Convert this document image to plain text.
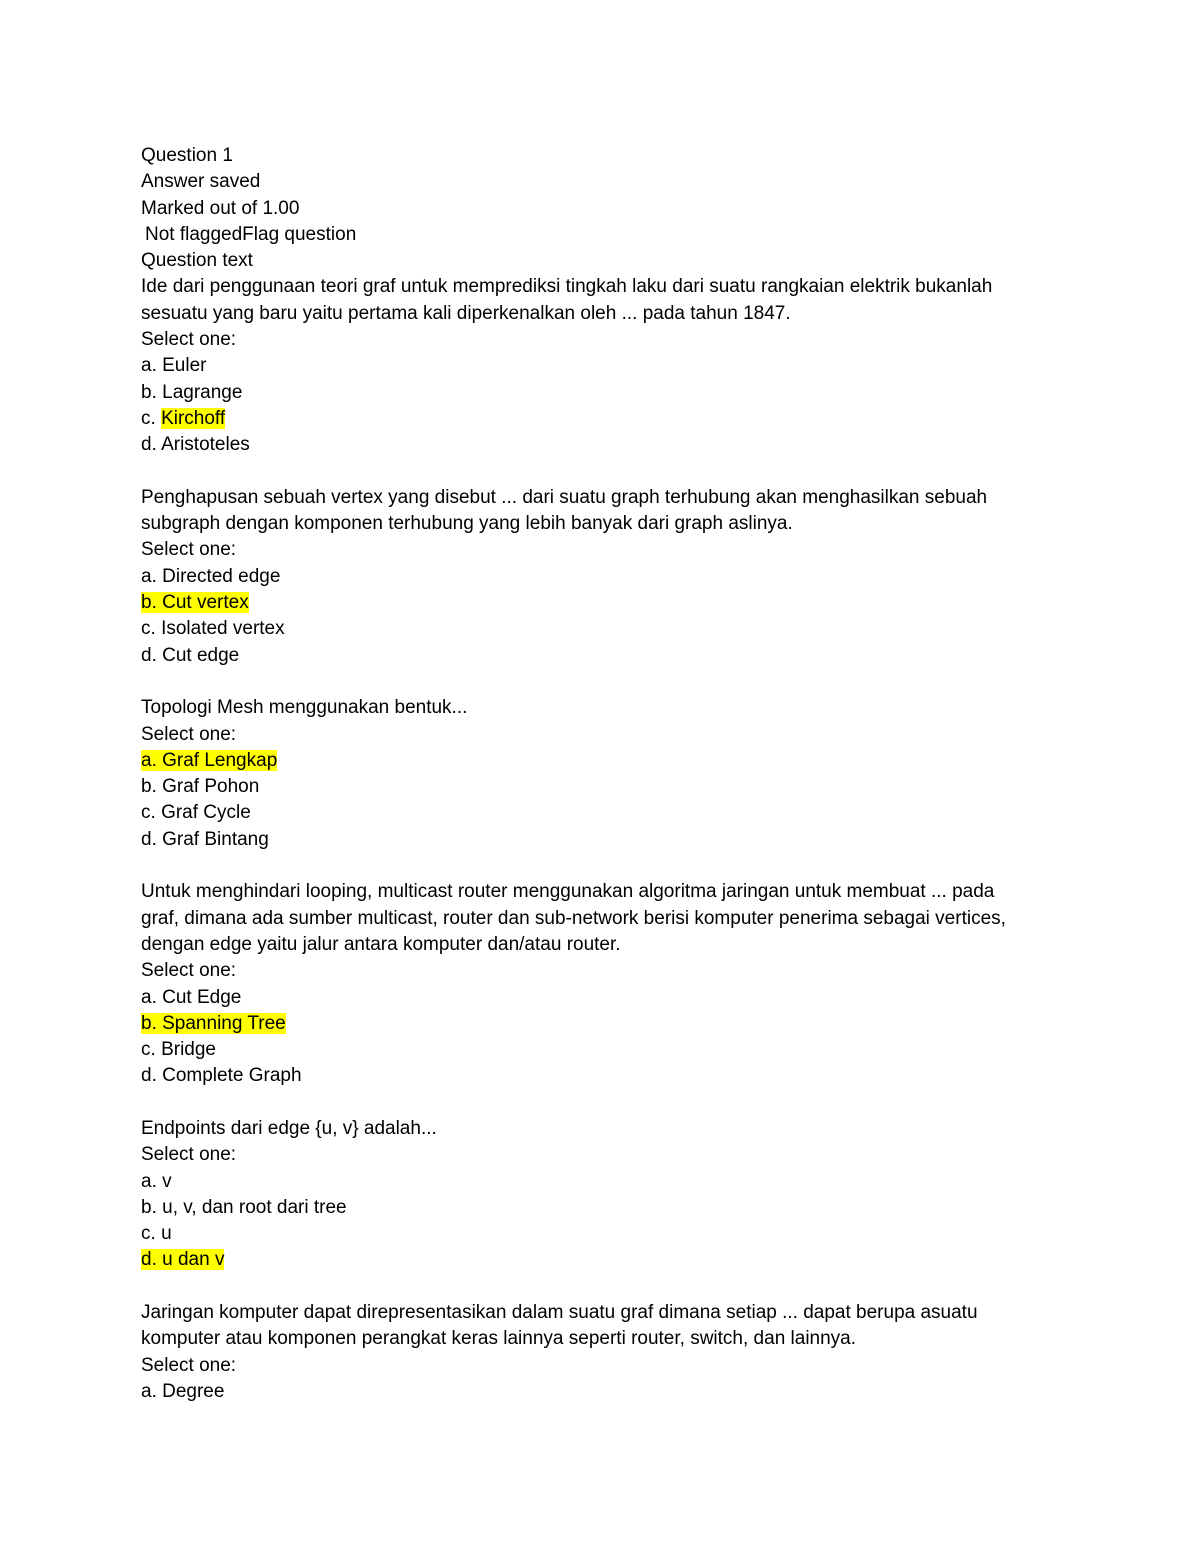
Question 1
Answer saved
Marked out of 1.00
Not flaggedFlag question
Question text
Ide dari penggunaan teori graf untuk memprediksi tingkah laku dari suatu rangkaian elektrik bukanlah
sesuatu yang baru yaitu pertama kali diperkenalkan oleh ... pada tahun 1847.
Select one:
a. Euler
b. Lagrange
c. Kirchoff
d. Aristoteles
Penghapusan sebuah vertex yang disebut ... dari suatu graph terhubung akan menghasilkan sebuah
subgraph dengan komponen terhubung yang lebih banyak dari graph aslinya.
Select one:
a. Directed edge
b. Cut vertex
c. Isolated vertex
d. Cut edge
Topologi Mesh menggunakan bentuk...
Select one:
a. Graf Lengkap
b. Graf Pohon
c. Graf Cycle
d. Graf Bintang
Untuk menghindari looping, multicast router menggunakan algoritma jaringan untuk membuat ... pada
graf, dimana ada sumber multicast, router dan sub-network berisi komputer penerima sebagai vertices,
dengan edge yaitu jalur antara komputer dan/atau router.
Select one:
a. Cut Edge
b. Spanning Tree
c. Bridge
d. Complete Graph
Endpoints dari edge {u, v} adalah...
Select one:
a. v
b. u, v, dan root dari tree
c. u
d. u dan v
Jaringan komputer dapat direpresentasikan dalam suatu graf dimana setiap ... dapat berupa asuatu
komputer atau komponen perangkat keras lainnya seperti router, switch, dan lainnya.
Select one:
a. Degree
